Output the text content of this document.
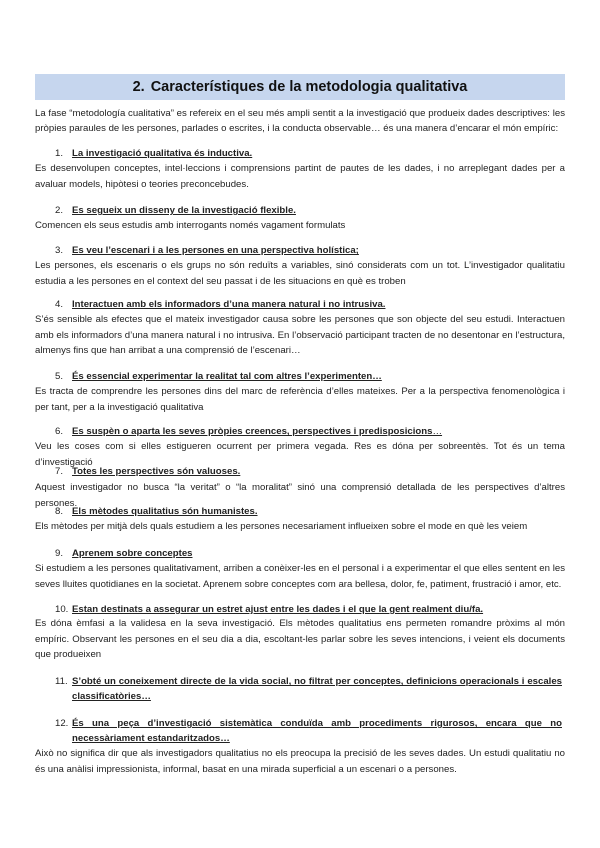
2. Característiques de la metodologia qualitativa

La fase “metodología cualitativa” es refereix en el seu més ampli sentit a la investigació que produeix dades descriptives: les pròpies paraules de les persones, parlades o escrites, i la conducta observable… és una manera d’encarar el món empíric:

1. La investigació qualitativa és inductiva.

Es desenvolupen conceptes, intel·leccions i comprensions partint de pautes de les dades, i no arreplegant dades per a avaluar models, hipòtesi o teories preconcebudes.

2. Es segueix un disseny de la investigació flexible.

Comencen els seus estudis amb interrogants només vagament formulats

3. Es veu l’escenari i a les persones en una perspectiva holística;

Les persones, els escenaris o els grups no són reduïts a variables, sinó considerats com un tot. L’investigador qualitatiu estudia a les persones en el context del seu passat i de les situacions en què es troben

4. Interactuen amb els informadors d’una manera natural i no intrusiva.

S’és sensible als efectes que el mateix investigador causa sobre les persones que son objecte del seu estudi. Interactuen amb els informadors d’una manera natural i no intrusiva. En l’observació participant tracten de no desentonar en l’estructura, almenys fins que han arribat a una comprensió de l’escenari…

5. És essencial experimentar la realitat tal com altres l’experimenten…

Es tracta de comprendre les persones dins del marc de referència d’elles mateixes. Per a la perspectiva fenomenològica i per tant, per a la investigació qualitativa

6. Es suspèn o aparta les seves pròpies creences, perspectives i predisposicions…

Veu les coses com si elles estigueren ocurrent per primera vegada. Res es dóna per sobreentès. Tot és un tema d’investigació

7. Totes les perspectives són valuoses.

Aquest investigador no busca “la veritat” o “la moralitat” sinó una comprensió detallada de les perspectives d’altres persones.

8. Els mètodes qualitatius són humanistes.

Els mètodes per mitjà dels quals estudiem a les persones necesariament influeixen sobre el mode en què les veiem

9. Aprenem sobre conceptes

Si estudiem a les persones qualitativament, arriben a conèixer-les en el personal i a experimentar el que elles sentent en les seves lluites quotidianes en la societat. Aprenem sobre conceptes com ara bellesa, dolor, fe, patiment, frustració i amor, etc.

10. Estan destinats a assegurar un estret ajust entre les dades i el que la gent realment diu/fa.

Es dóna èmfasi a la validesa en la seva investigació. Els mètodes qualitatius ens permeten romandre pròxims al món empíric. Observant les persones en el seu dia a dia, escoltant-les parlar sobre les seves intencions, i veient els documents que produeixen

11. S’obté un coneixement directe de la vida social, no filtrat per conceptes, definicions operacionals i escales classificatòries…
12. És una peça d’investigació sistemàtica conduïda amb procediments rigurosos, encara que no necessàriament estandaritzados…

Això no significa dir que als investigadors qualitatius no els preocupa la precisió de les seves dades. Un estudi qualitatiu no és una anàlisi impressionista, informal, basat en una mirada superficial a un escenari o a persones.
